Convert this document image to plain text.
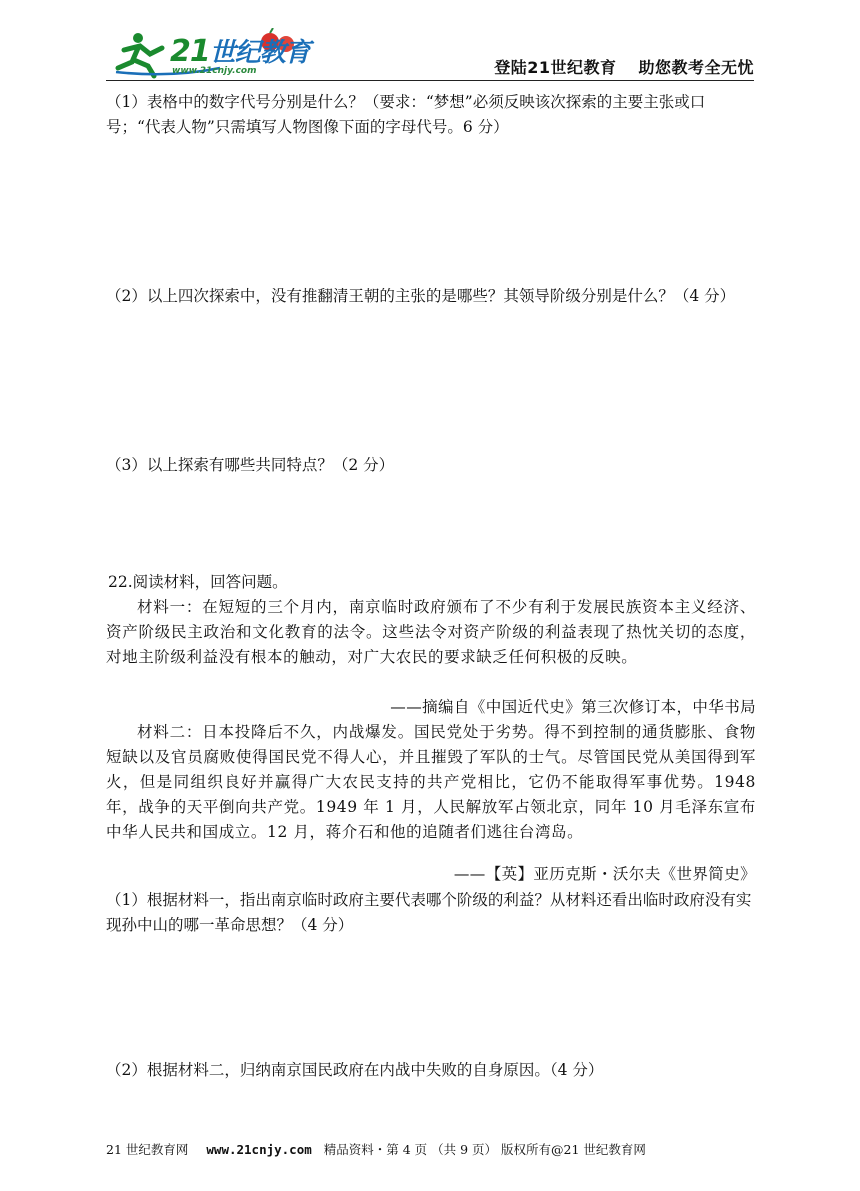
21世纪教育
www.21cnjy.com	登陆21世纪教育 助您教考全无忧
（1）表格中的数字代号分别是什么？（要求：“梦想”必须反映该次探索的主要主张或口号；“代表人物”只需填写人物图像下面的字母代号。6 分）
（2）以上四次探索中，没有推翻清王朝的主张的是哪些？其领导阶级分别是什么？（4 分）
（3）以上探索有哪些共同特点？（2 分）
22.阅读材料，回答问题。
材料一：在短短的三个月内，南京临时政府颁布了不少有利于发展民族资本主义经济、资产阶级民主政治和文化教育的法令。这些法令对资产阶级的利益表现了热忱关切的态度，对地主阶级利益没有根本的触动，对广大农民的要求缺乏任何积极的反映。
——摘编自《中国近代史》第三次修订本，中华书局
材料二：日本投降后不久，内战爆发。国民党处于劣势。得不到控制的通货膨胀、食物短缺以及官员腐败使得国民党不得人心，并且摧毁了军队的士气。尽管国民党从美国得到军火，但是同组织良好并赢得广大农民支持的共产党相比，它仍不能取得军事优势。1948 年，战争的天平倒向共产党。1949 年 1 月，人民解放军占领北京，同年 10 月毛泽东宣布中华人民共和国成立。12 月，蒋介石和他的追随者们逃往台湾岛。
——【英】亚历克斯・沃尔夫《世界简史》
（1）根据材料一，指出南京临时政府主要代表哪个阶级的利益？从材料还看出临时政府没有实现孙中山的哪一革命思想？（4 分）
（2）根据材料二，归纳南京国民政府在内战中失败的自身原因。（4 分）
21 世纪教育网 www.21cnjy.com 精品资料・第 4 页 （共 9 页） 版权所有@21 世纪教育网
